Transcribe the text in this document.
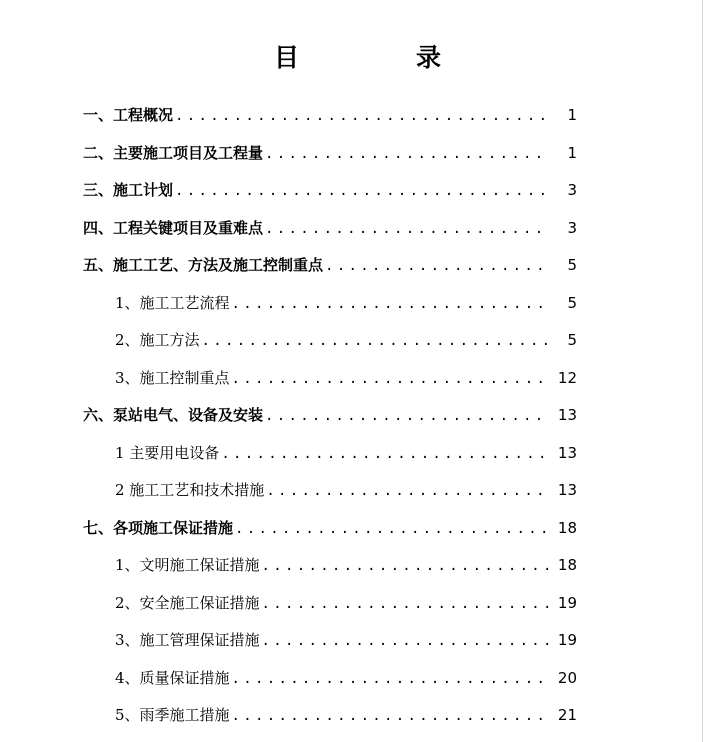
目　录
一、工程概况 .....	1
二、主要施工项目及工程量 .....	1
三、施工计划 .....	3
四、工程关键项目及重难点 .....	3
五、施工工艺、方法及施工控制重点 .....	5
1、施工工艺流程 .....	5
2、施工方法 .....	5
3、施工控制重点 .....	12
六、泵站电气、设备及安装 .....	13
1 主要用电设备 .....	13
2 施工工艺和技术措施 .....	13
七、各项施工保证措施 .....	18
1、文明施工保证措施 .....	18
2、安全施工保证措施 .....	19
3、施工管理保证措施 .....	19
4、质量保证措施 .....	20
5、雨季施工措施 .....	21
